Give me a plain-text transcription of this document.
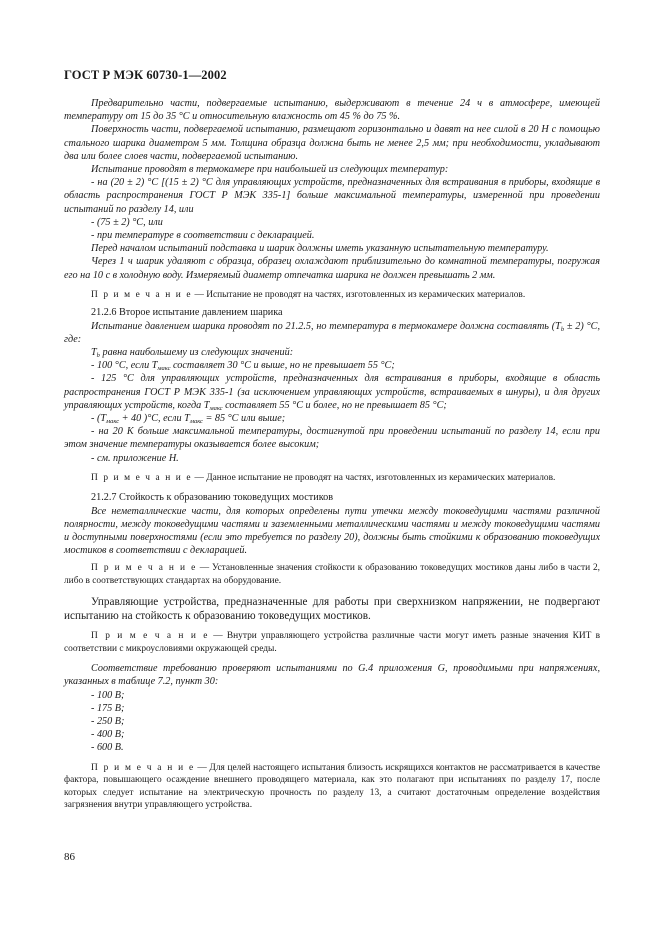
ГОСТ Р МЭК 60730-1—2002

Предварительно части, подвергаемые испытанию, выдерживают в течение 24 ч в атмосфере, имеющей температуру от 15 до 35 °С и относительную влажность от 45 % до 75 %.

Поверхность части, подвергаемой испытанию, размещают горизонтально и давят на нее силой в 20 Н с помощью стального шарика диаметром 5 мм. Толщина образца должна быть не менее 2,5 мм; при необходимости, укладывают два или более слоев части, подвергаемой испытанию.

Испытание проводят в термокамере при наибольшей из следующих температур:

- на (20 ± 2) °С [(15 ± 2) °С для управляющих устройств, предназначенных для встраивания в приборы, входящие в область распространения ГОСТ Р МЭК 335-1] больше максимальной температуры, измеренной при проведении испытаний по разделу 14, или

- (75 ± 2) °С, или

- при температуре в соответствии с декларацией.

Перед началом испытаний подставка и шарик должны иметь указанную испытательную температуру.

Через 1 ч шарик удаляют с образца, образец охлаждают приблизительно до комнатной температуры, погружая его на 10 с в холодную воду. Измеряемый диаметр отпечатка шарика не должен превышать 2 мм.

П р и м е ч а н и е — Испытание не проводят на частях, изготовленных из керамических материалов.

21.2.6 Второе испытание давлением шарика

Испытание давлением шарика проводят по 21.2.5, но температура в термокамере должна составлять $(T_b \pm 2)$ °С, где:

$T_b$ равна наибольшему из следующих значений:

- 100 °С, если $T_{макс}$ составляет 30 °С и выше, но не превышает 55 °С;

- 125 °С для управляющих устройств, предназначенных для встраивания в приборы, входящие в область распространения ГОСТ Р МЭК 335-1 (за исключением управляющих устройств, встраиваемых в шнуры), и для других управляющих устройств, когда $T_{макс}$ составляет 55 °С и более, но не превышает 85 °С;

- ($T_{макс} + 40$ )°С, если $T_{макс} = 85$ °С или выше;

- на 20 К больше максимальной температуры, достигнутой при проведении испытаний по разделу 14, если при этом значение температуры оказывается более высоким;

- см. приложение Н.

П р и м е ч а н и е — Данное испытание не проводят на частях, изготовленных из керамических материалов.

21.2.7 Стойкость к образованию токоведущих мостиков

Все неметаллические части, для которых определены пути утечки между токоведущими частями различной полярности, между токоведущими частями и заземленными металлическими частями и между токоведущими частями и доступными поверхностями (если это требуется по разделу 20), должны быть стойкими к образованию токоведущих мостиков в соответствии с декларацией.

П р и м е ч а н и е — Установленные значения стойкости к образованию токоведущих мостиков даны либо в части 2, либо в соответствующих стандартах на оборудование.

Управляющие устройства, предназначенные для работы при сверхнизком напряжении, не подвергают испытанию на стойкость к образованию токоведущих мостиков.

П р и м е ч а н и е — Внутри управляющего устройства различные части могут иметь разные значения КИТ в соответствии с микроусловиями окружающей среды.

Соответствие требованию проверяют испытаниями по G.4 приложения G, проводимыми при напряжениях, указанных в таблице 7.2, пункт 30:

- 100 В;

- 175 В;

- 250 В;

- 400 В;

- 600 В.

П р и м е ч а н и е — Для целей настоящего испытания близость искрящихся контактов не рассматривается в качестве фактора, повышающего осаждение внешнего проводящего материала, как это полагают при испытаниях по разделу 17, после которых следует испытание на электрическую прочность по разделу 13, а считают достаточным определение воздействия загрязнения внутри управляющего устройства.

86
